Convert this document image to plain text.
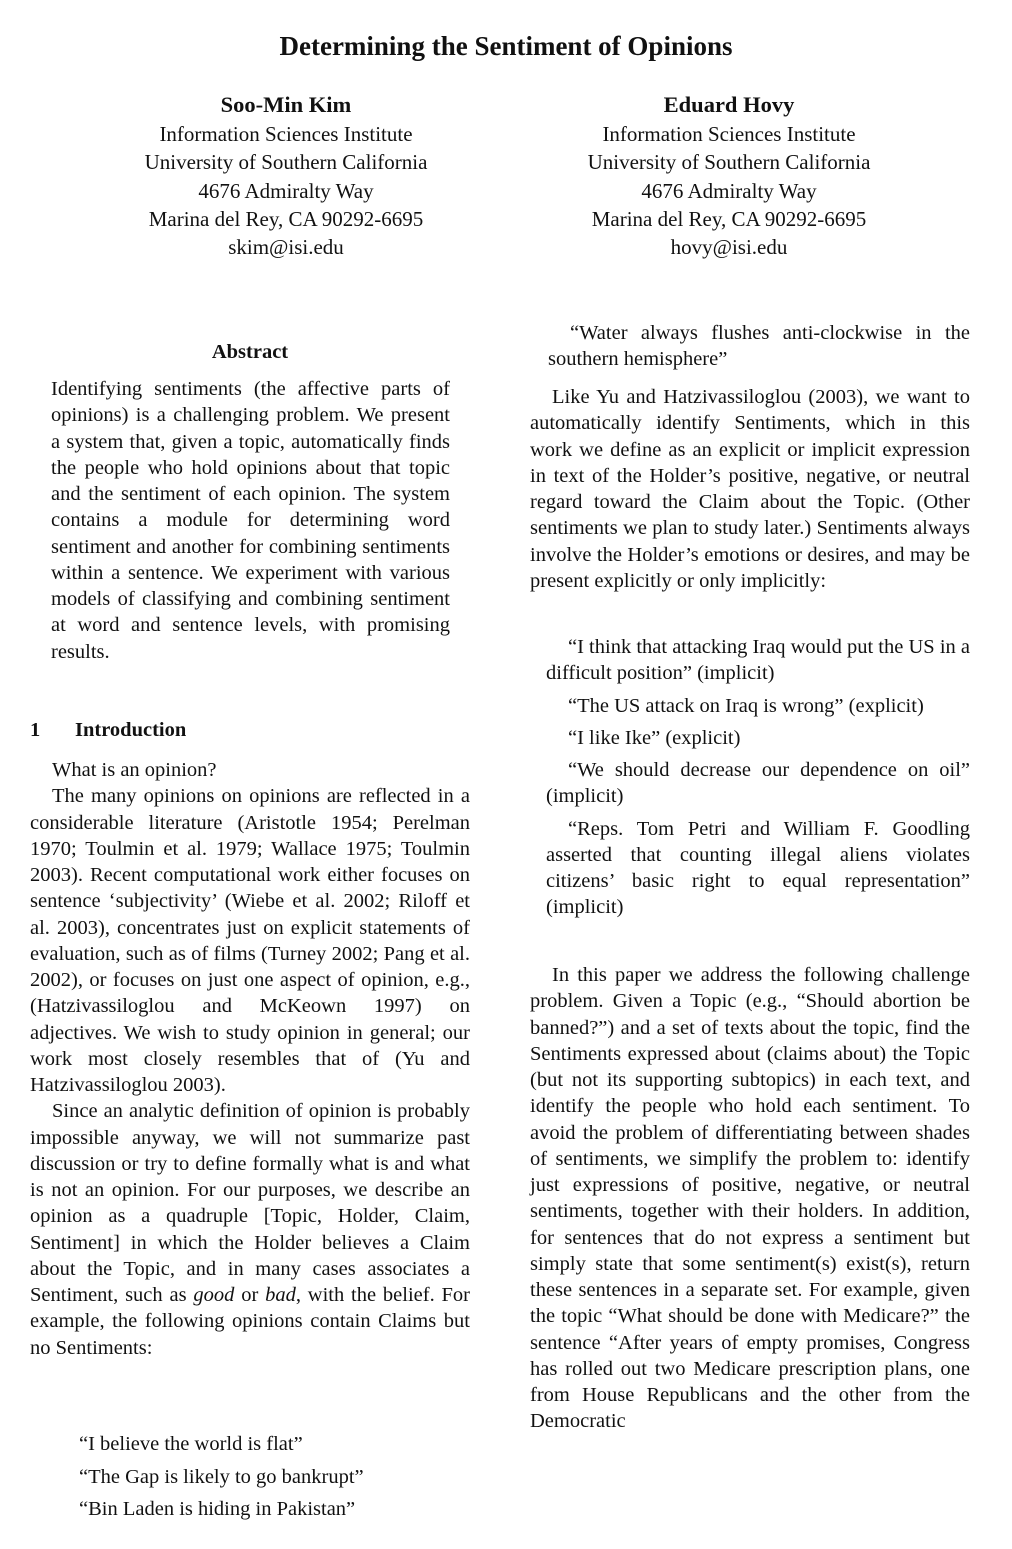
Determining the Sentiment of Opinions
Soo-Min Kim
Information Sciences Institute
University of Southern California
4676 Admiralty Way
Marina del Rey, CA 90292-6695
skim@isi.edu
Eduard Hovy
Information Sciences Institute
University of Southern California
4676 Admiralty Way
Marina del Rey, CA 90292-6695
hovy@isi.edu
Abstract

Identifying sentiments (the affective parts of opinions) is a challenging problem. We present a system that, given a topic, automatically finds the people who hold opinions about that topic and the sentiment of each opinion. The system contains a module for determining word sentiment and another for combining sentiments within a sentence. We experiment with various models of classifying and combining sentiment at word and sentence levels, with promising results.

1 Introduction

What is an opinion?

The many opinions on opinions are reflected in a considerable literature (Aristotle 1954; Perelman 1970; Toulmin et al. 1979; Wallace 1975; Toulmin 2003). Recent computational work either focuses on sentence ‘subjectivity’ (Wiebe et al. 2002; Riloff et al. 2003), concentrates just on explicit statements of evaluation, such as of films (Turney 2002; Pang et al. 2002), or focuses on just one aspect of opinion, e.g., (Hatzivassiloglou and McKeown 1997) on adjectives. We wish to study opinion in general; our work most closely resembles that of (Yu and Hatzivassiloglou 2003).

Since an analytic definition of opinion is probably impossible anyway, we will not summarize past discussion or try to define formally what is and what is not an opinion. For our purposes, we describe an opinion as a quadruple [Topic, Holder, Claim, Sentiment] in which the Holder believes a Claim about the Topic, and in many cases associates a Sentiment, such as good or bad, with the belief. For example, the following opinions contain Claims but no Sentiments:

“I believe the world is flat”
“The Gap is likely to go bankrupt”
“Bin Laden is hiding in Pakistan”

“Water always flushes anti-clockwise in the southern hemisphere”

Like Yu and Hatzivassiloglou (2003), we want to automatically identify Sentiments, which in this work we define as an explicit or implicit expression in text of the Holder’s positive, negative, or neutral regard toward the Claim about the Topic. (Other sentiments we plan to study later.) Sentiments always involve the Holder’s emotions or desires, and may be present explicitly or only implicitly:

“I think that attacking Iraq would put the US in a difficult position” (implicit)

“The US attack on Iraq is wrong” (explicit)

“I like Ike” (explicit)

“We should decrease our dependence on oil” (implicit)

“Reps. Tom Petri and William F. Goodling asserted that counting illegal aliens violates citizens’ basic right to equal representation” (implicit)

In this paper we address the following challenge problem. Given a Topic (e.g., “Should abortion be banned?”) and a set of texts about the topic, find the Sentiments expressed about (claims about) the Topic (but not its supporting subtopics) in each text, and identify the people who hold each sentiment. To avoid the problem of differentiating between shades of sentiments, we simplify the problem to: identify just expressions of positive, negative, or neutral sentiments, together with their holders. In addition, for sentences that do not express a sentiment but simply state that some sentiment(s) exist(s), return these sentences in a separate set. For example, given the topic “What should be done with Medicare?” the sentence “After years of empty promises, Congress has rolled out two Medicare prescription plans, one from House Republicans and the other from the Democratic
